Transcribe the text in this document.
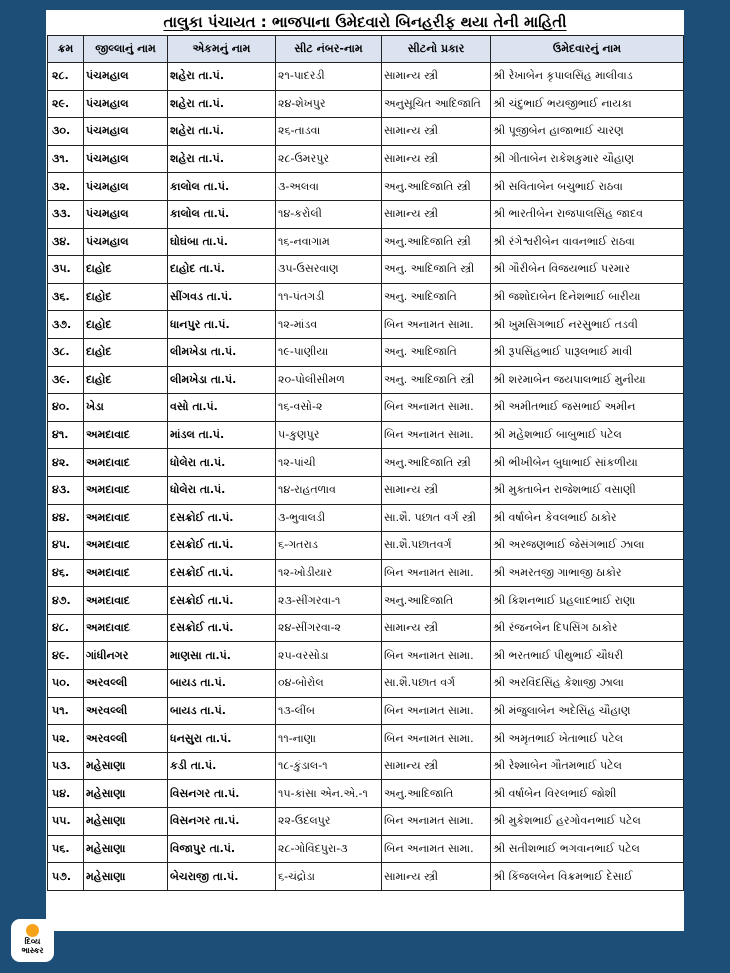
તાલુકા પંચાયત : ભાજપાના ઉમેદવારો બિનહરીફ થયા તેની માહિતી
ક્રમ	જીલ્લાનું નામ	એકમનું નામ	સીટ નંબર-નામ	સીટનો પ્રકાર	ઉમેદવારનું નામ
૨૮.	પંચમહાલ	શહેરા તા.પં.	૨૧-પાદરડી	સામાન્ય સ્ત્રી	શ્રી રેખાબેન કૃપાલસિંહ માલીવાડ
૨૯.	પંચમહાલ	શહેરા તા.પં.	૨૪-શેખપુર	અનુસૂચિત આદિજાતિ	શ્રી ચંદુભાઈ ભયજીભાઈ નાયકા
૩૦.	પંચમહાલ	શહેરા તા.પં.	૨૬-તાડવા	સામાન્ય સ્ત્રી	શ્રી પૂજીબેન હાજાભાઈ ચારણ
૩૧.	પંચમહાલ	શહેરા તા.પં.	૨૮-ઉમરપુર	સામાન્ય સ્ત્રી	શ્રી ગીતાબેન રાકેશકુમાર ચૌહાણ
૩૨.	પંચમહાલ	કાલોલ તા.પં.	૩-અલવા	અનુ.આદિજાતિ સ્ત્રી	શ્રી સવિતાબેન બચુભાઈ રાઠવા
૩૩.	પંચમહાલ	કાલોલ તા.પં.	૧૪-કરોલી	સામાન્ય સ્ત્રી	શ્રી ભારતીબેન રાજપાલસિંહ જાદવ
૩૪.	પંચમહાલ	ઘોઘંબા તા.પં.	૧૬-નવાગામ	અનુ.આદિજાતિ સ્ત્રી	શ્રી રંગેશ્વરીબેન વાવનભાઈ રાઠવા
૩૫.	દાહોદ	દાહોદ તા.પં.	૩૫-ઉસરવાણ	અનુ. આદિજાતિ સ્ત્રી	શ્રી ગૌરીબેન વિજયભાઈ પરમાર
૩૬.	દાહોદ	સીંગવડ તા.પં.	૧૧-પંતગડી	અનુ. આદિજાતિ	શ્રી જશોદાબેન દિનેશભાઈ બારીયા
૩૭.	દાહોદ	ધાનપુર તા.પં.	૧૨-માંડવ	બિન અનામત સામા.	શ્રી ખુમસિગભાઈ નરસુભાઈ તડવી
૩૮.	દાહોદ	લીમખેડા તા.પં.	૧૯-પાણીયા	અનુ. આદિજાતિ	શ્રી રૂપસિંહભાઈ પારૂલભાઈ માવી
૩૯.	દાહોદ	લીમખેડા તા.પં.	૨૦-પોલીસીમળ	અનુ. આદિજાતિ સ્ત્રી	શ્રી શરમાબેન જયપાલભાઈ મુનીયા
૪૦.	ખેડા	વસો તા.પં.	૧૬-વસો-૨	બિન અનામત સામા.	શ્રી અમીતભાઈ જસભાઈ અમીન
૪૧.	અમદાવાદ	માંડલ તા.પં.	૫-કુણપુર	બિન અનામત સામા.	શ્રી મહેશભાઈ બાબુભાઈ પટેલ
૪૨.	અમદાવાદ	ધોલેરા તા.પં.	૧૨-પાંચી	અનુ.આદિજાતિ સ્ત્રી	શ્રી ભીખીબેન બુધાભાઈ સાંકળીયા
૪૩.	અમદાવાદ	ધોલેરા તા.પં.	૧૪-રાહતળાવ	સામાન્ય સ્ત્રી	શ્રી મુક્તાબેન રાજેશભાઈ વસાણી
૪૪.	અમદાવાદ	દસક્રોઈ તા.પં.	૩-ભુવાલડી	સા.શૈ. પછાત વર્ગ સ્ત્રી	શ્રી વર્ષાબેન કેવલભાઈ ઠાકોર
૪૫.	અમદાવાદ	દસક્રોઈ તા.પં.	૬-ગતરાડ	સા.શૈ.પછાતવર્ગ	શ્રી અરજણભાઈ જેસંગભાઈ ઝાલા
૪૬.	અમદાવાદ	દસક્રોઈ તા.પં.	૧૨-ખોડીયાર	બિન અનામત સામા.	શ્રી અમરતજી ગાભાજી ઠાકોર
૪૭.	અમદાવાદ	દસક્રોઈ તા.પં.	૨૩-સીંગરવા-૧	અનુ.આદિજાતિ	શ્રી કિશનભાઈ પ્રહલાદભાઈ રાણા
૪૮.	અમદાવાદ	દસક્રોઈ તા.પં.	૨૪-સીંગરવા-૨	સામાન્ય સ્ત્રી	શ્રી રંજનબેન દિપસિંગ ઠાકોર
૪૯.	ગાંધીનગર	માણસા તા.પં.	૨૫-વરસોડા	બિન અનામત સામા.	શ્રી ભરતભાઈ પીથુભાઈ ચૌધરી
૫૦.	અરવલ્લી	બાયડ તા.પં.	૦૪-બોરોલ	સા.શૈ.પછાત વર્ગ	શ્રી અરવિંદસિંહ કેશાજી ઝાલા
૫૧.	અરવલ્લી	બાયડ તા.પં.	૧૩-લીંબ	બિન અનામત સામા.	શ્રી મંજુલાબેન અદેસિંહ ચૌહાણ
૫૨.	અરવલ્લી	ધનસુરા તા.પં.	૧૧-નાણા	બિન અનામત સામા.	શ્રી અમૃતભાઈ ખેતાભાઈ પટેલ
૫૩.	મહેસાણા	કડી તા.પં.	૧૮-કુંડાલ-૧	સામાન્ય સ્ત્રી	શ્રી રેશ્માબેન ગૌતમભાઈ પટેલ
૫૪.	મહેસાણા	વિસનગર તા.પં.	૧૫-કાંસા એન.એ.-૧	અનુ.આદિજાતિ	શ્રી વર્ષાબેન વિરલભાઈ જોશી
૫૫.	મહેસાણા	વિસનગર તા.પં.	૨૨-ઉદલપુર	બિન અનામત સામા.	શ્રી મુકેશભાઈ હરગોવનભાઈ પટેલ
૫૬.	મહેસાણા	વિજાપુર તા.પં.	૨૮-ગોવિંદપુરા-૩	બિન અનામત સામા.	શ્રી સતીશભાઈ ભગવાનભાઈ પટેલ
૫૭.	મહેસાણા	બેચરાજી તા.પં.	૬-ચંદ્રોડા	સામાન્ય સ્ત્રી	શ્રી કિંજલબેન વિક્રમભાઈ દેસાઈ
દિવ્ય
ભાસ્કર
